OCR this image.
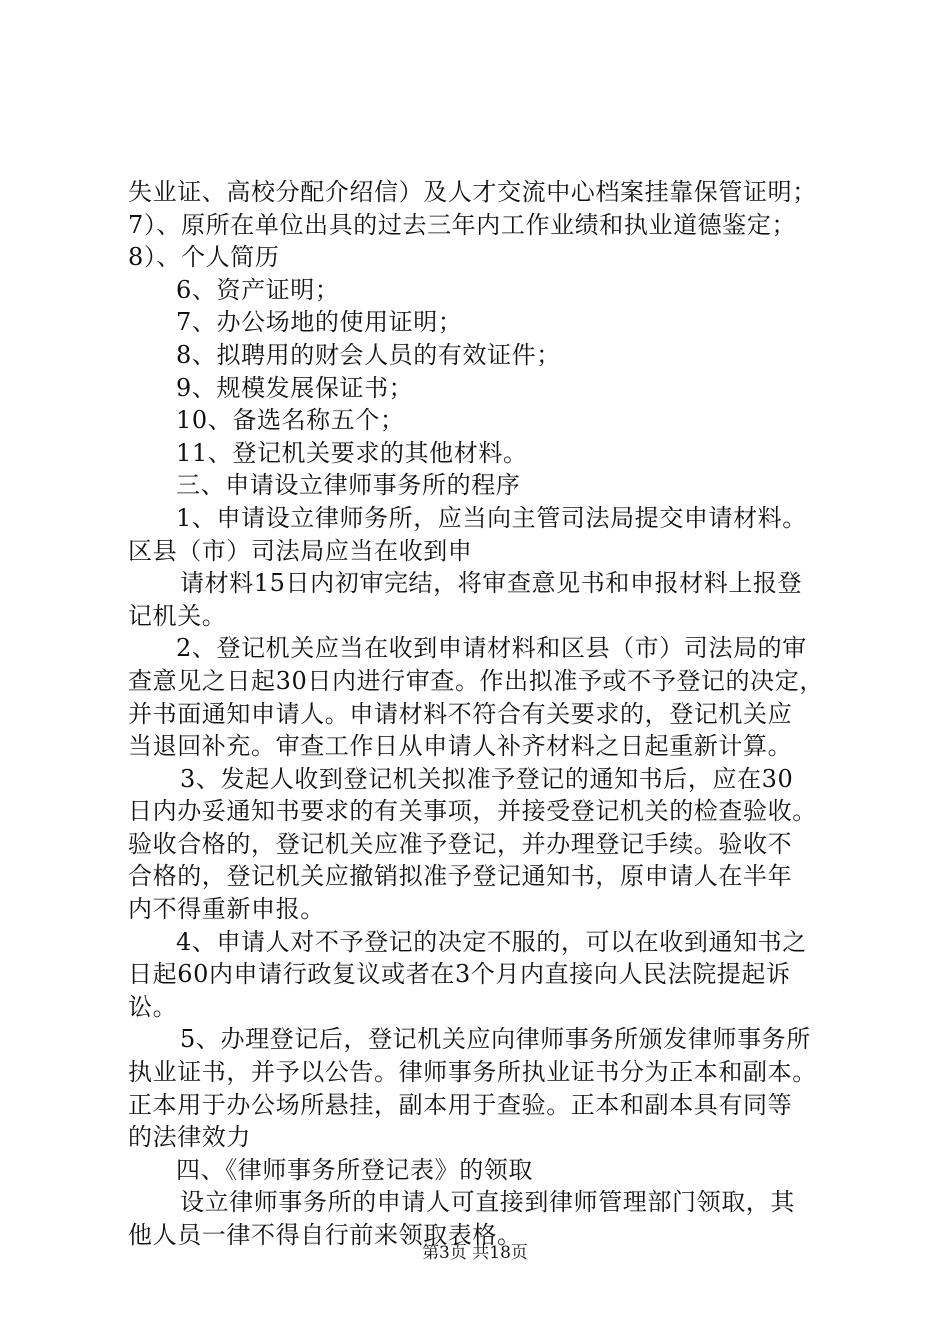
失业证、高校分配介绍信）及人才交流中心档案挂靠保管证明；
7）、原所在单位出具的过去三年内工作业绩和执业道德鉴定；
8）、个人简历
6、资产证明；
7、办公场地的使用证明；
8、拟聘用的财会人员的有效证件；
9、规模发展保证书；
10、备选名称五个；
11、登记机关要求的其他材料。
三、申请设立律师事务所的程序
1、申请设立律师务所，应当向主管司法局提交申请材料。
区县（市）司法局应当在收到申
请材料15日内初审完结，将审查意见书和申报材料上报登
记机关。
2、登记机关应当在收到申请材料和区县（市）司法局的审
查意见之日起30日内进行审查。作出拟准予或不予登记的决定，
并书面通知申请人。申请材料不符合有关要求的，登记机关应
当退回补充。审查工作日从申请人补齐材料之日起重新计算。
3、发起人收到登记机关拟准予登记的通知书后，应在30
日内办妥通知书要求的有关事项，并接受登记机关的检查验收。
验收合格的，登记机关应准予登记，并办理登记手续。验收不
合格的，登记机关应撤销拟准予登记通知书，原申请人在半年
内不得重新申报。
4、申请人对不予登记的决定不服的，可以在收到通知书之
日起60内申请行政复议或者在3个月内直接向人民法院提起诉
讼。
5、办理登记后，登记机关应向律师事务所颁发律师事务所
执业证书，并予以公告。律师事务所执业证书分为正本和副本。
正本用于办公场所悬挂，副本用于查验。正本和副本具有同等
的法律效力
四、《律师事务所登记表》的领取
设立律师事务所的申请人可直接到律师管理部门领取，其
他人员一律不得自行前来领取表格。
第3页 共18页
